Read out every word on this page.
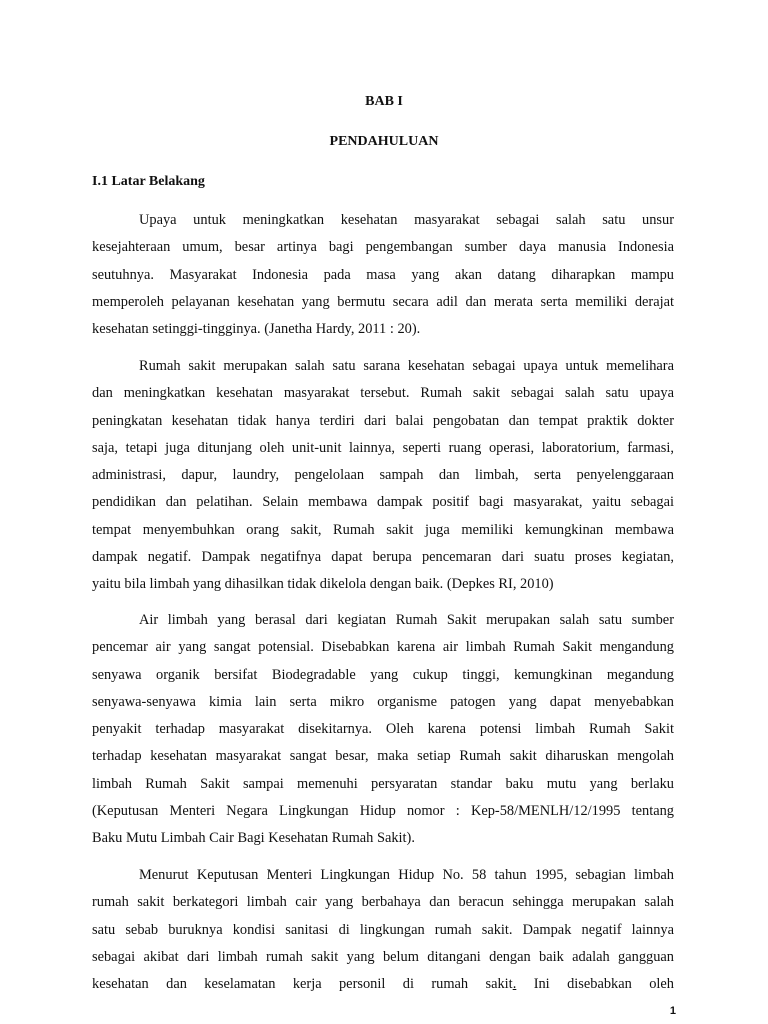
BAB I
PENDAHULUAN
I.1 Latar Belakang

Upaya untuk meningkatkan kesehatan masyarakat sebagai salah satu unsur
kesejahteraan umum, besar artinya bagi pengembangan sumber daya manusia Indonesia
seutuhnya. Masyarakat Indonesia pada masa yang akan datang diharapkan mampu
memperoleh pelayanan kesehatan yang bermutu secara adil dan merata serta memiliki derajat
kesehatan setinggi-tingginya. (Janetha Hardy, 2011 : 20).

Rumah sakit merupakan salah satu sarana kesehatan sebagai upaya untuk memelihara
dan meningkatkan kesehatan masyarakat tersebut. Rumah sakit sebagai salah satu upaya
peningkatan kesehatan tidak hanya terdiri dari balai pengobatan dan tempat praktik dokter
saja, tetapi juga ditunjang oleh unit-unit lainnya, seperti ruang operasi, laboratorium, farmasi,
administrasi, dapur, laundry, pengelolaan sampah dan limbah, serta penyelenggaraan
pendidikan dan pelatihan. Selain membawa dampak positif bagi masyarakat, yaitu sebagai
tempat menyembuhkan orang sakit, Rumah sakit juga memiliki kemungkinan membawa
dampak negatif. Dampak negatifnya dapat berupa pencemaran dari suatu proses kegiatan,
yaitu bila limbah yang dihasilkan tidak dikelola dengan baik. (Depkes RI, 2010)

Air limbah yang berasal dari kegiatan Rumah Sakit merupakan salah satu sumber
pencemar air yang sangat potensial. Disebabkan karena air limbah Rumah Sakit mengandung
senyawa organik bersifat Biodegradable yang cukup tinggi, kemungkinan megandung
senyawa-senyawa kimia lain serta mikro organisme patogen yang dapat menyebabkan
penyakit terhadap masyarakat disekitarnya. Oleh karena potensi limbah Rumah Sakit
terhadap kesehatan masyarakat sangat besar, maka setiap Rumah sakit diharuskan mengolah
limbah Rumah Sakit sampai memenuhi persyaratan standar baku mutu yang berlaku
(Keputusan Menteri Negara Lingkungan Hidup nomor : Kep-58/MENLH/12/1995 tentang
Baku Mutu Limbah Cair Bagi Kesehatan Rumah Sakit).

Menurut Keputusan Menteri Lingkungan Hidup No. 58 tahun 1995, sebagian limbah
rumah sakit berkategori limbah cair yang berbahaya dan beracun sehingga merupakan salah
satu sebab buruknya kondisi sanitasi di lingkungan rumah sakit. Dampak negatif lainnya
sebagai akibat dari limbah rumah sakit yang belum ditangani dengan baik adalah gangguan
kesehatan dan keselamatan kerja personil di rumah sakit. Ini disebabkan oleh

1
